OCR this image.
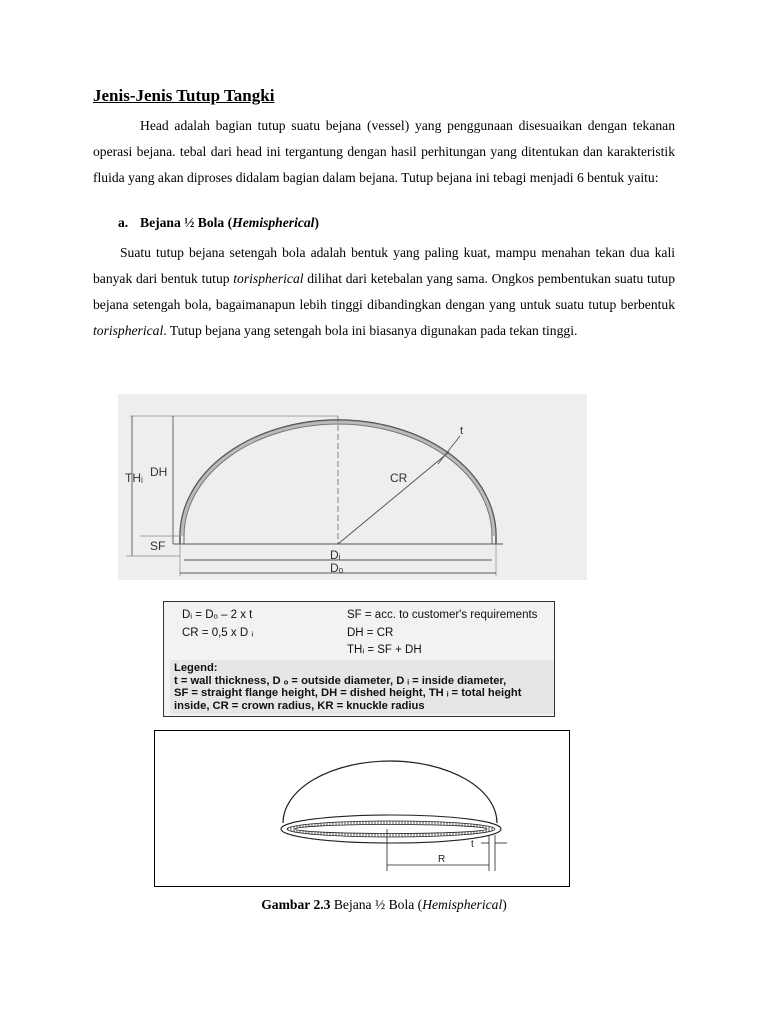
Jenis-Jenis Tutup Tangki

Head adalah bagian tutup suatu bejana (vessel) yang penggunaan disesuaikan dengan tekanan operasi bejana. tebal dari head ini tergantung dengan hasil perhitungan yang ditentukan dan karakteristik fluida yang akan diproses didalam bagian dalam bejana. Tutup bejana ini tebagi menjadi 6 bentuk yaitu:

a. Bejana ½ Bola (Hemispherical)

Suatu tutup bejana setengah bola adalah bentuk yang paling kuat, mampu menahan tekan dua kali banyak dari bentuk tutup torispherical dilihat dari ketebalan yang sama. Ongkos pembentukan suatu tutup bejana setengah bola, bagaimanapun lebih tinggi dibandingkan dengan yang untuk suatu tutup berbentuk torispherical. Tutup bejana yang setengah bola ini biasanya digunakan pada tekan tinggi.

THᵢ DH
SF
t
CR
Dᵢ
Dₒ
Dᵢ = Dₒ – 2 x t
CR = 0,5 x D ᵢ
SF = acc. to customer's requirements
DH = CR
THᵢ = SF + DH
Legend:
t = wall thickness, D ₒ = outside diameter, D ᵢ = inside diameter,
SF = straight flange height, DH = dished height, TH ᵢ = total height
inside, CR = crown radius, KR = knuckle radius
t
R

Gambar 2.3 Bejana ½ Bola (Hemispherical)
